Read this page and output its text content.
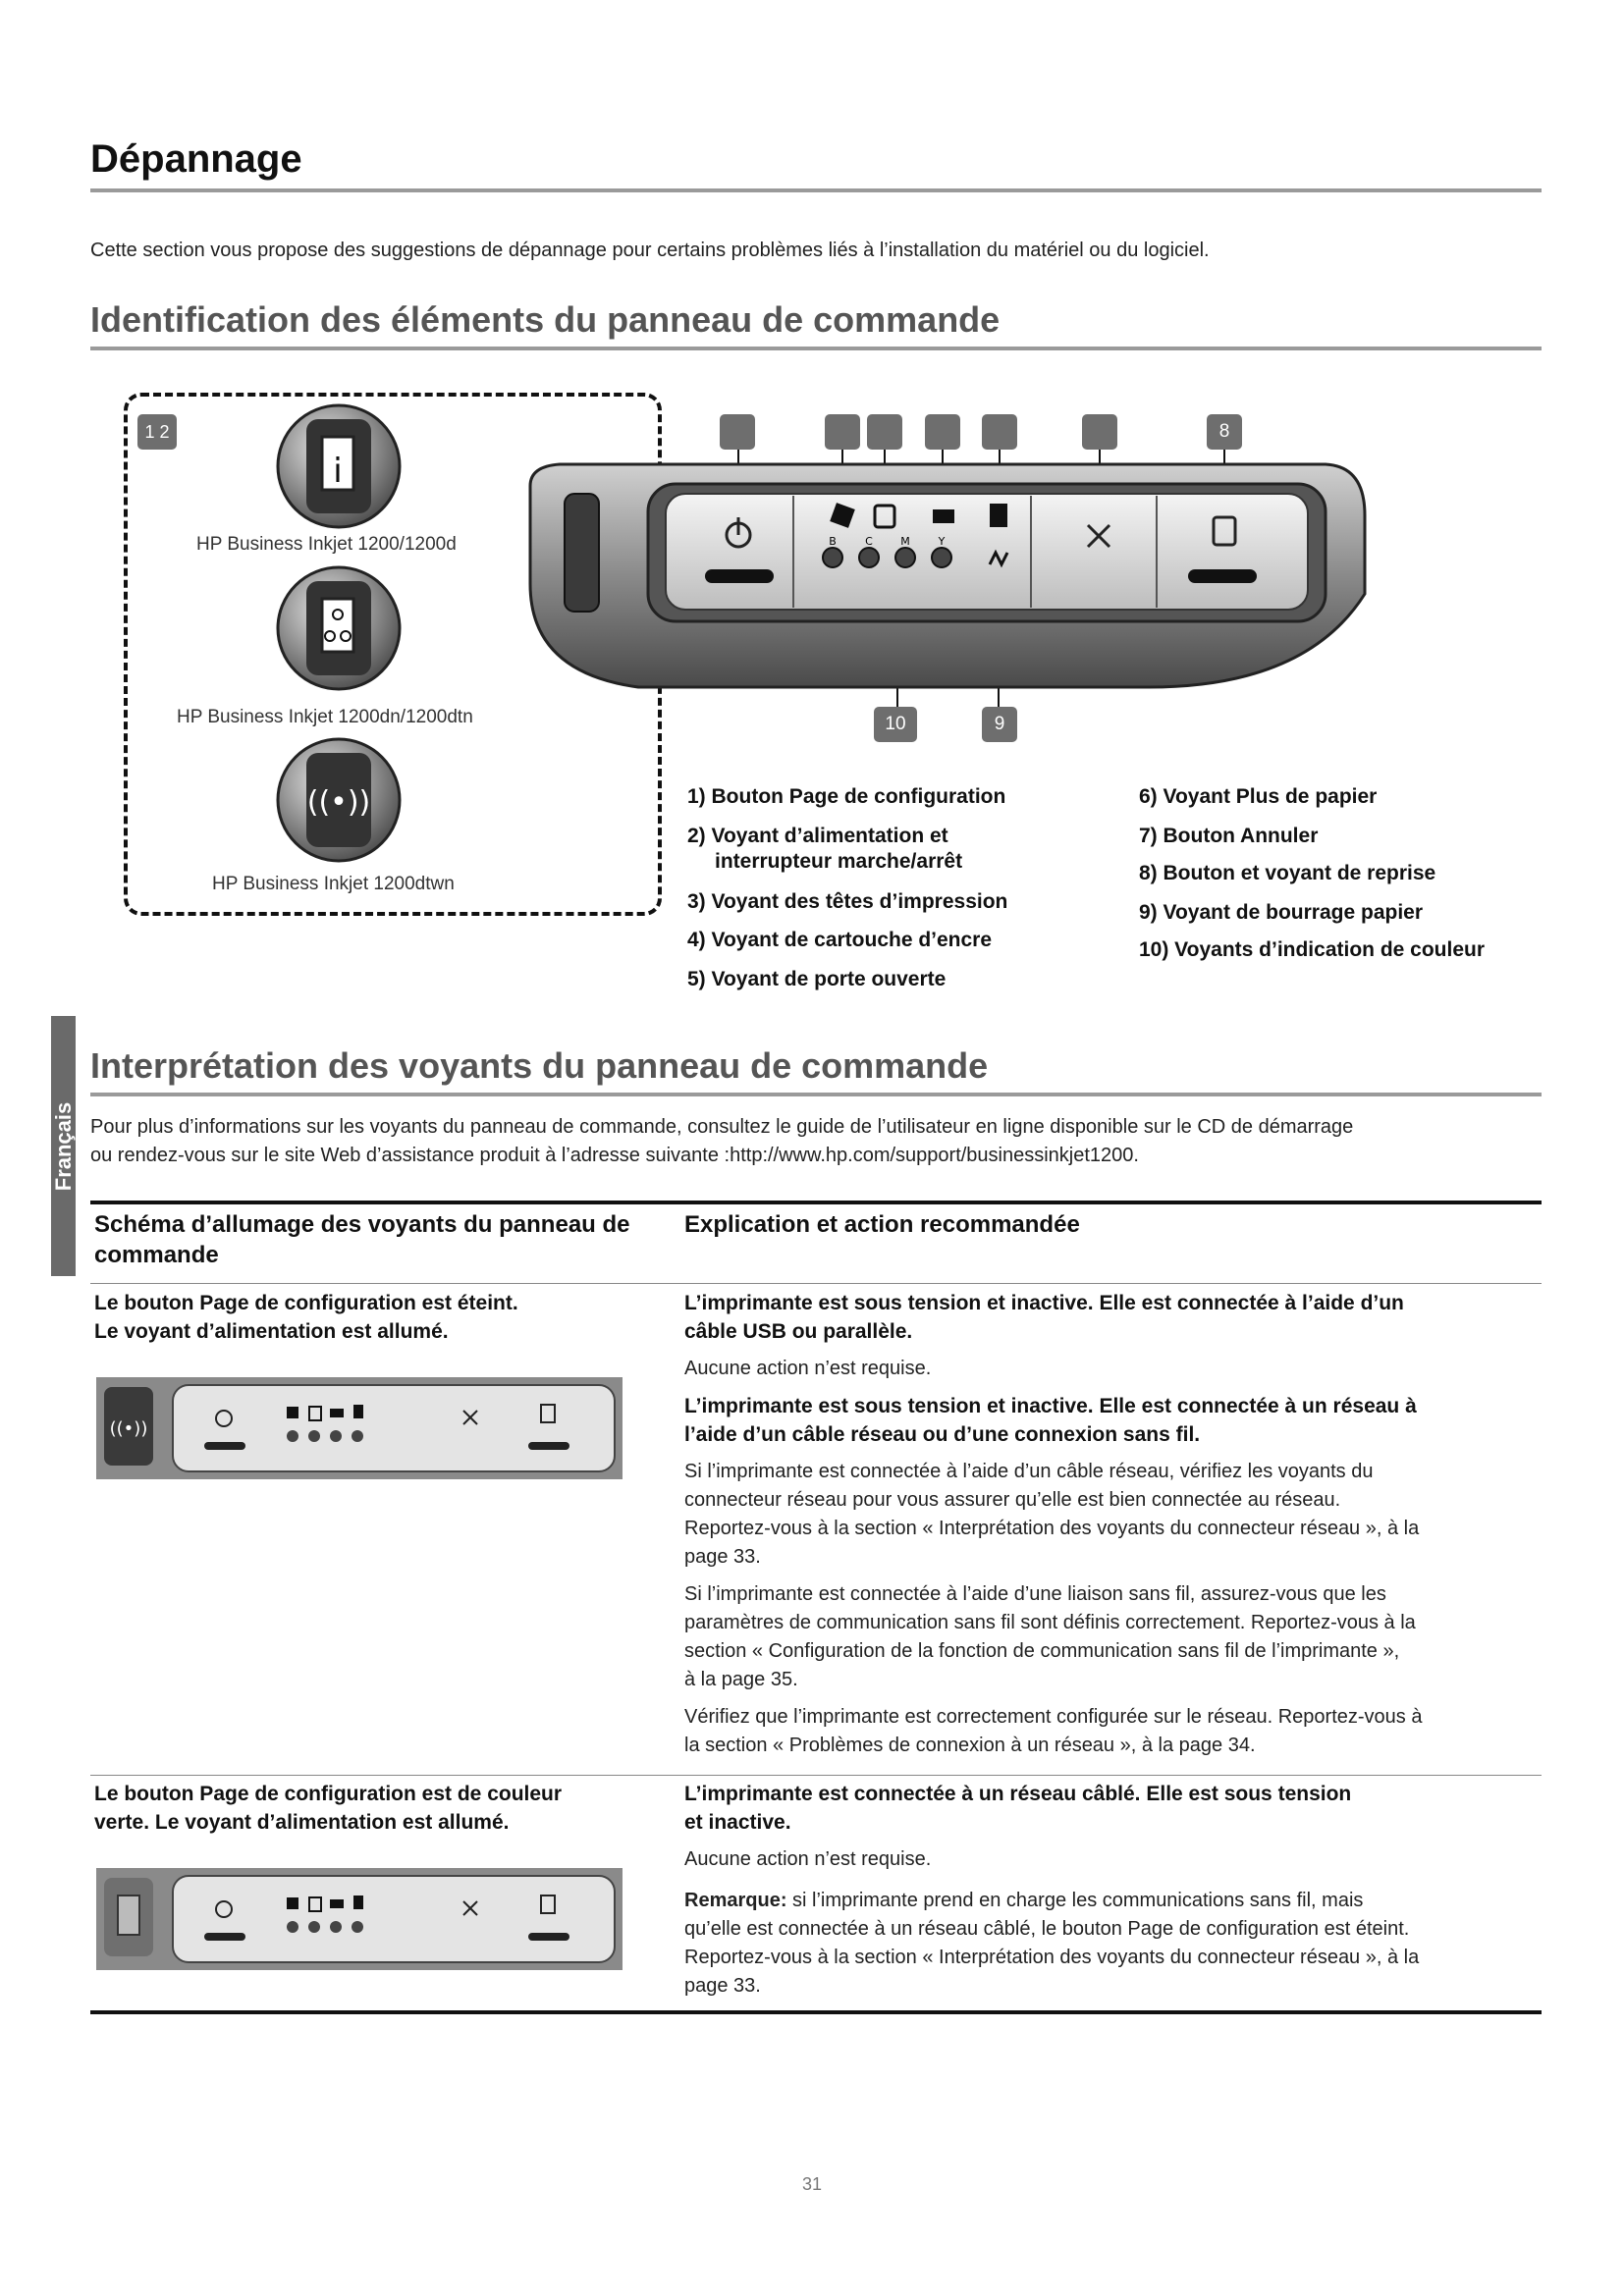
Dépannage
Cette section vous propose des suggestions de dépannage pour certains problèmes liés à l’installation du matériel ou du logiciel.
Identification des éléments du panneau de commande
1 2
i
((•))
HP Business Inkjet 1200/1200d
HP Business Inkjet 1200dn/1200dtn
HP Business Inkjet 1200dtwn
B	C	M	Y
8
10	9
1) Bouton Page de configuration
2) Voyant d’alimentation et
interrupteur marche/arrêt
3) Voyant des têtes d’impression
4) Voyant de cartouche d’encre
5) Voyant de porte ouverte
6) Voyant Plus de papier
7) Bouton Annuler
8) Bouton et voyant de reprise
9) Voyant de bourrage papier
10) Voyants d’indication de couleur
Français
Interprétation des voyants du panneau de commande
Pour plus d’informations sur les voyants du panneau de commande, consultez le guide de l’utilisateur en ligne disponible sur le CD de démarrage
ou rendez-vous sur le site Web d’assistance produit à l’adresse suivante :http://www.hp.com/support/businessinkjet1200.
Schéma d’allumage des voyants du panneau de
commande
Explication et action recommandée
Le bouton Page de configuration est éteint.
Le voyant d’alimentation est allumé.
((•))
L’imprimante est sous tension et inactive. Elle est connectée à l’aide d’un
câble USB ou parallèle.
Aucune action n’est requise.
L’imprimante est sous tension et inactive. Elle est connectée à un réseau à
l’aide d’un câble réseau ou d’une connexion sans fil.
Si l’imprimante est connectée à l’aide d’un câble réseau, vérifiez les voyants du
connecteur réseau pour vous assurer qu’elle est bien connectée au réseau.
Reportez-vous à la section « Interprétation des voyants du connecteur réseau », à la
page 33.
Si l’imprimante est connectée à l’aide d’une liaison sans fil, assurez-vous que les
paramètres de communication sans fil sont définis correctement. Reportez-vous à la
section « Configuration de la fonction de communication sans fil de l’imprimante »,
à la page 35.
Vérifiez que l’imprimante est correctement configurée sur le réseau. Reportez-vous à
la section « Problèmes de connexion à un réseau », à la page 34.
Le bouton Page de configuration est de couleur
verte. Le voyant d’alimentation est allumé.
L’imprimante est connectée à un réseau câblé. Elle est sous tension
et inactive.
Aucune action n’est requise.
Remarque: si l’imprimante prend en charge les communications sans fil, mais
qu’elle est connectée à un réseau câblé, le bouton Page de configuration est éteint.
Reportez-vous à la section « Interprétation des voyants du connecteur réseau », à la
page 33.
31
